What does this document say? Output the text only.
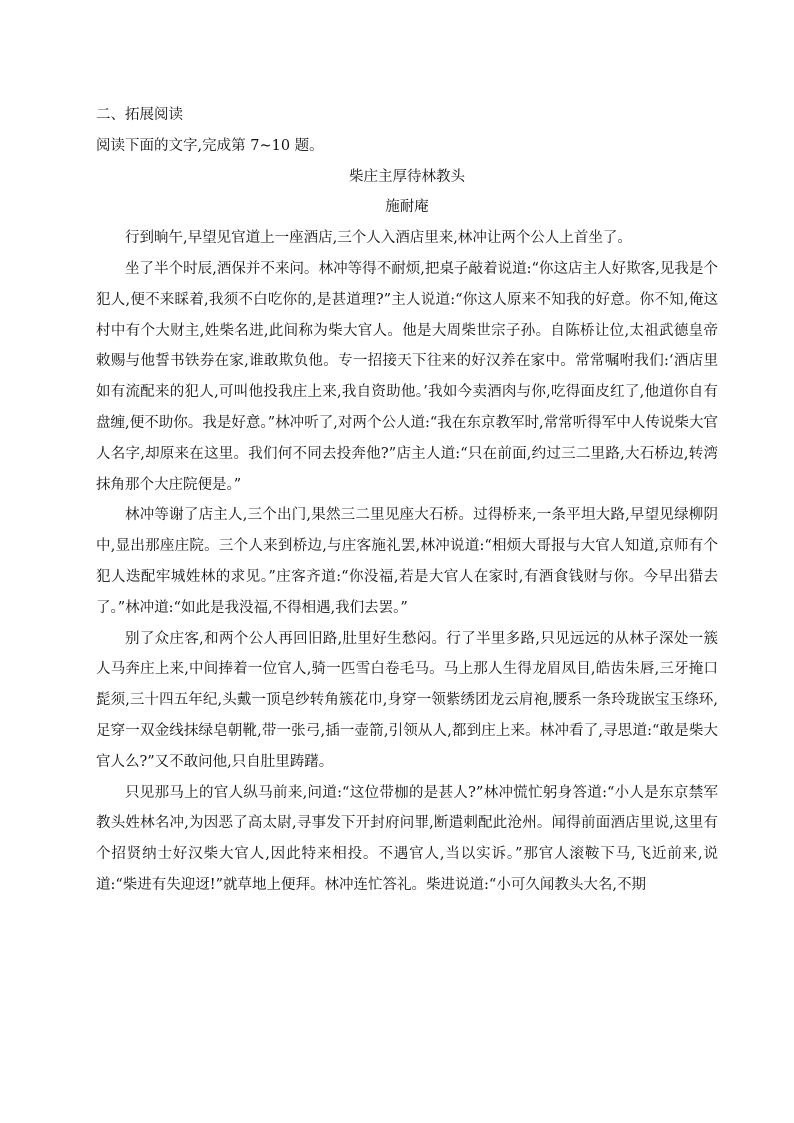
二、拓展阅读

阅读下面的文字,完成第 7~10 题。

柴庄主厚待林教头

施耐庵

行到晌午,早望见官道上一座酒店,三个人入酒店里来,林冲让两个公人上首坐了。

坐了半个时辰,酒保并不来问。林冲等得不耐烦,把桌子敲着说道:“你这店主人好欺客,见我是个犯人,便不来睬着,我须不白吃你的,是甚道理?”主人说道:“你这人原来不知我的好意。你不知,俺这村中有个大财主,姓柴名进,此间称为柴大官人。他是大周柴世宗子孙。自陈桥让位,太祖武德皇帝敕赐与他誓书铁券在家,谁敢欺负他。专一招接天下往来的好汉养在家中。常常嘱咐我们:‘酒店里如有流配来的犯人,可叫他投我庄上来,我自资助他。’我如今卖酒肉与你,吃得面皮红了,他道你自有盘缠,便不助你。我是好意。”林冲听了,对两个公人道:“我在东京教军时,常常听得军中人传说柴大官人名字,却原来在这里。我们何不同去投奔他?”店主人道:“只在前面,约过三二里路,大石桥边,转湾抹角那个大庄院便是。”

林冲等谢了店主人,三个出门,果然三二里见座大石桥。过得桥来,一条平坦大路,早望见绿柳阴中,显出那座庄院。三个人来到桥边,与庄客施礼罢,林冲说道:“相烦大哥报与大官人知道,京师有个犯人迭配牢城姓林的求见。”庄客齐道:“你没福,若是大官人在家时,有酒食钱财与你。今早出猎去了。”林冲道:“如此是我没福,不得相遇,我们去罢。”

别了众庄客,和两个公人再回旧路,肚里好生愁闷。行了半里多路,只见远远的从林子深处一簇人马奔庄上来,中间捧着一位官人,骑一匹雪白卷毛马。马上那人生得龙眉凤目,皓齿朱唇,三牙掩口髭须,三十四五年纪,头戴一顶皂纱转角簇花巾,身穿一领紫绣团龙云肩袍,腰系一条玲珑嵌宝玉绦环,足穿一双金线抹绿皂朝靴,带一张弓,插一壶箭,引领从人,都到庄上来。林冲看了,寻思道:“敢是柴大官人么?”又不敢问他,只自肚里踌躇。

只见那马上的官人纵马前来,问道:“这位带枷的是甚人?”林冲慌忙躬身答道:“小人是东京禁军教头姓林名冲,为因恶了高太尉,寻事发下开封府问罪,断遣刺配此沧州。闻得前面酒店里说,这里有个招贤纳士好汉柴大官人,因此特来相投。不遇官人,当以实诉。”那官人滚鞍下马,飞近前来,说道:“柴进有失迎迓!”就草地上便拜。林冲连忙答礼。柴进说道:“小可久闻教头大名,不期
